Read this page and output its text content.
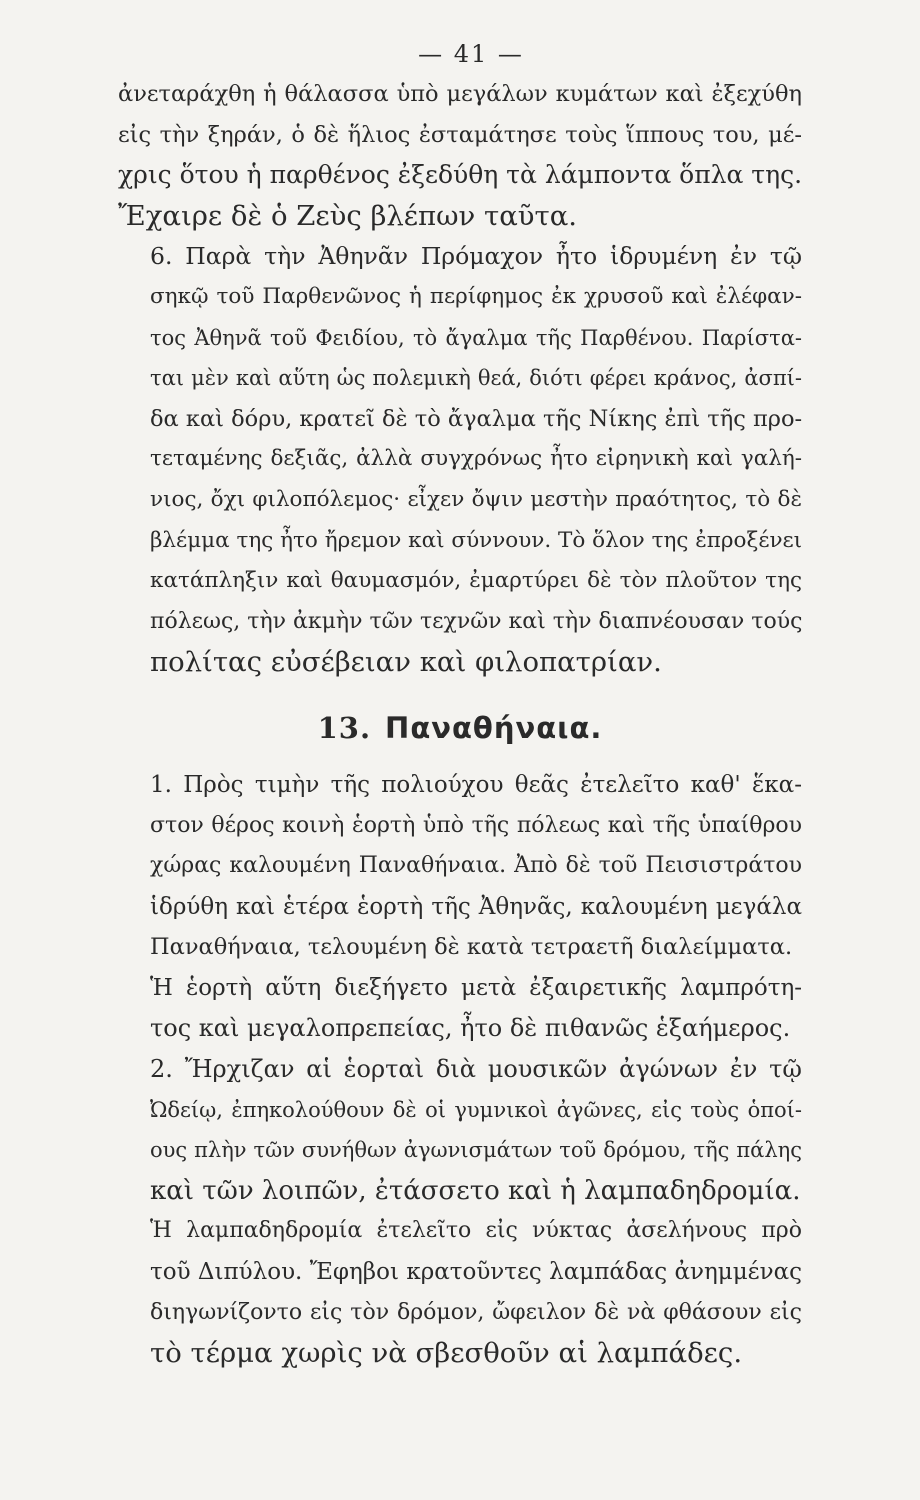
— 41 —

ἀνεταράχθη ἡ θάλασσα ὑπὸ μεγάλων κυμάτων καὶ ἐξεχύθη
εἰς τὴν ξηράν, ὁ δὲ ἥλιος ἐσταμάτησε τοὺς ἵππους του, μέ-
χρις ὅτου ἡ παρθένος ἐξεδύθη τὰ λάμποντα ὅπλα της.
Ἔχαιρε δὲ ὁ Ζεὺς βλέπων ταῦτα.

6. Παρὰ τὴν Ἀθηνᾶν Πρόμαχον ἦτο ἱδρυμένη ἐν τῷ
σηκῷ τοῦ Παρθενῶνος ἡ περίφημος ἐκ χρυσοῦ καὶ ἐλέφαν-
τος Ἀθηνᾶ τοῦ Φειδίου, τὸ ἄγαλμα τῆς Παρθένου. Παρίστα-
ται μὲν καὶ αὕτη ὡς πολεμικὴ θεά, διότι φέρει κράνος, ἀσπί-
δα καὶ δόρυ, κρατεῖ δὲ τὸ ἄγαλμα τῆς Νίκης ἐπὶ τῆς προ-
τεταμένης δεξιᾶς, ἀλλὰ συγχρόνως ἦτο εἰρηνικὴ καὶ γαλή-
νιος, ὄχι φιλοπόλεμος· εἶχεν ὄψιν μεστὴν πραότητος, τὸ δὲ
βλέμμα της ἦτο ἤρεμον καὶ σύννουν. Τὸ ὅλον της ἐπροξένει
κατάπληξιν καὶ θαυμασμόν, ἐμαρτύρει δὲ τὸν πλοῦτον της
πόλεως, τὴν ἀκμὴν τῶν τεχνῶν καὶ τὴν διαπνέουσαν τούς
πολίτας εὐσέβειαν καὶ φιλοπατρίαν.

13. Παναθήναια.

1. Πρὸς τιμὴν τῆς πολιούχου θεᾶς ἐτελεῖτο καθ' ἕκα-
στον θέρος κοινὴ ἑορτὴ ὑπὸ τῆς πόλεως καὶ τῆς ὑπαίθρου
χώρας καλουμένη Παναθήναια. Ἀπὸ δὲ τοῦ Πεισιστράτου
ἱδρύθη καὶ ἑτέρα ἑορτὴ τῆς Ἀθηνᾶς, καλουμένη μεγάλα
Παναθήναια, τελουμένη δὲ κατὰ τετραετῆ διαλείμματα.

Ἡ ἑορτὴ αὕτη διεξήγετο μετὰ ἐξαιρετικῆς λαμπρότη-
τος καὶ μεγαλοπρεπείας, ἦτο δὲ πιθανῶς ἑξαήμερος.

2. Ἤρχιζαν αἱ ἑορταὶ διὰ μουσικῶν ἀγώνων ἐν τῷ
Ὠδείῳ, ἐπηκολούθουν δὲ οἱ γυμνικοὶ ἀγῶνες, εἰς τοὺς ὁποί-
ους πλὴν τῶν συνήθων ἀγωνισμάτων τοῦ δρόμου, τῆς πάλης
καὶ τῶν λοιπῶν, ἐτάσσετο καὶ ἡ λαμπαδηδρομία.

Ἡ λαμπαδηδρομία ἐτελεῖτο εἰς νύκτας ἀσελήνους πρὸ
τοῦ Διπύλου. Ἔφηβοι κρατοῦντες λαμπάδας ἀνημμένας
διηγωνίζοντο εἰς τὸν δρόμον, ὤφειλον δὲ νὰ φθάσουν εἰς
τὸ τέρμα χωρὶς νὰ σβεσθοῦν αἱ λαμπάδες.
